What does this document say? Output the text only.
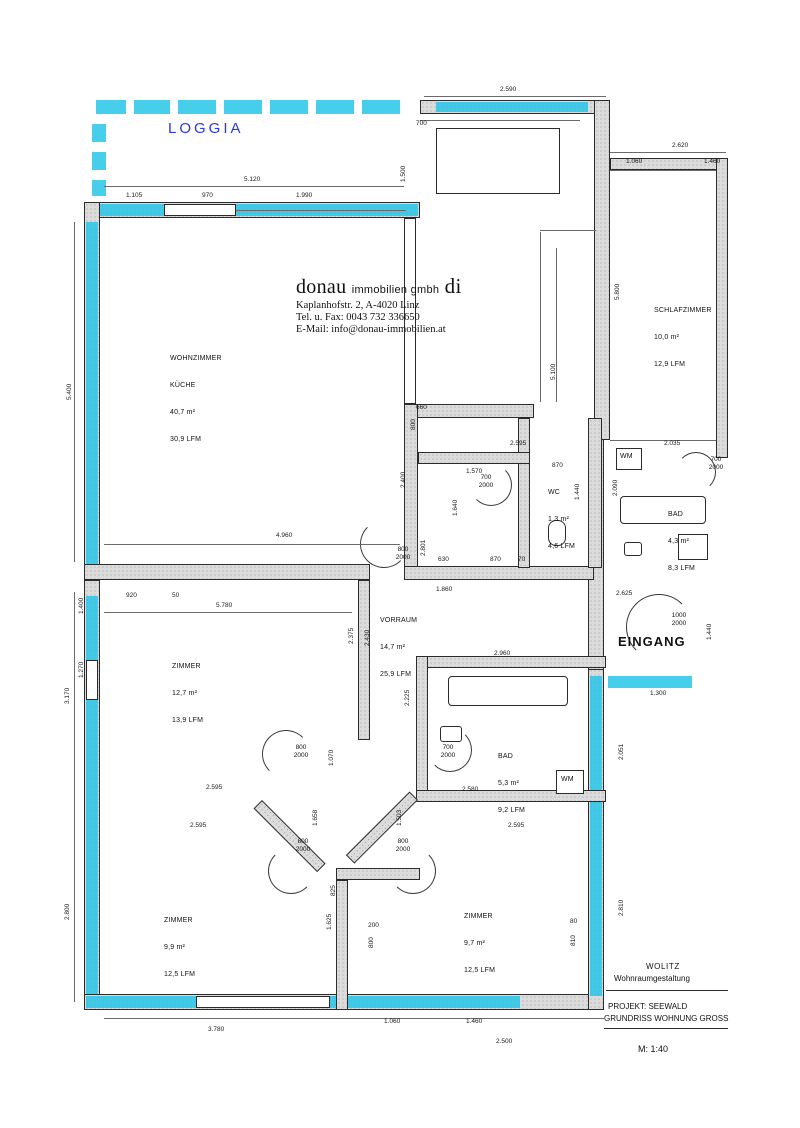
LOGGIA
WM
WM
800
2000
700
2000
700
2000
1000
2000
700
2000
800
2000
800
2000
800
2000

WOHNZIMMER

KÜCHE

40,7 m²

30,9 LFM

SCHLAFZIMMER

10,0 m²

12,9 LFM

WC

1,3 m²

4,6 LFM

BAD

4,3 m²

8,3 LFM

VORRAUM

14,7 m²

25,9 LFM

ZIMMER

12,7 m²

13,9 LFM

BAD

5,3 m²

9,2 LFM

ZIMMER

9,9 m²

12,5 LFM

ZIMMER

9,7 m²

12,5 LFM

EINGANG
2.590
700
2.620
1.460
1.060
1.105	970	1.990
5.120	1.500
5.400
1.400
1.270
3.170
2.800
4.960
660
800
2.400
1.570
870
2.595	2.035
5.100
5.800
2.090
1.440
1.640
630	870	70
2.801
1.860
2.625
1.440
920	50
5.780
2.375 2.430
2.225
2.960
2.580
2.595
2.595	2.595
1.658	1.503
1.070
825
1.625	200
800	810
80
2.810
2.051
1.300
3.780
1.060	1.460
2.500
donau immobilien gmbh di
Kaplanhofstr. 2, A-4020 Linz
Tel. u. Fax: 0043 732 336650
E-Mail: info@donau-immobilien.at
WOLITZ
Wohnraumgestaltung
PROJEKT: SEEWALD
GRUNDRISS WOHNUNG GROSS
M: 1:40
